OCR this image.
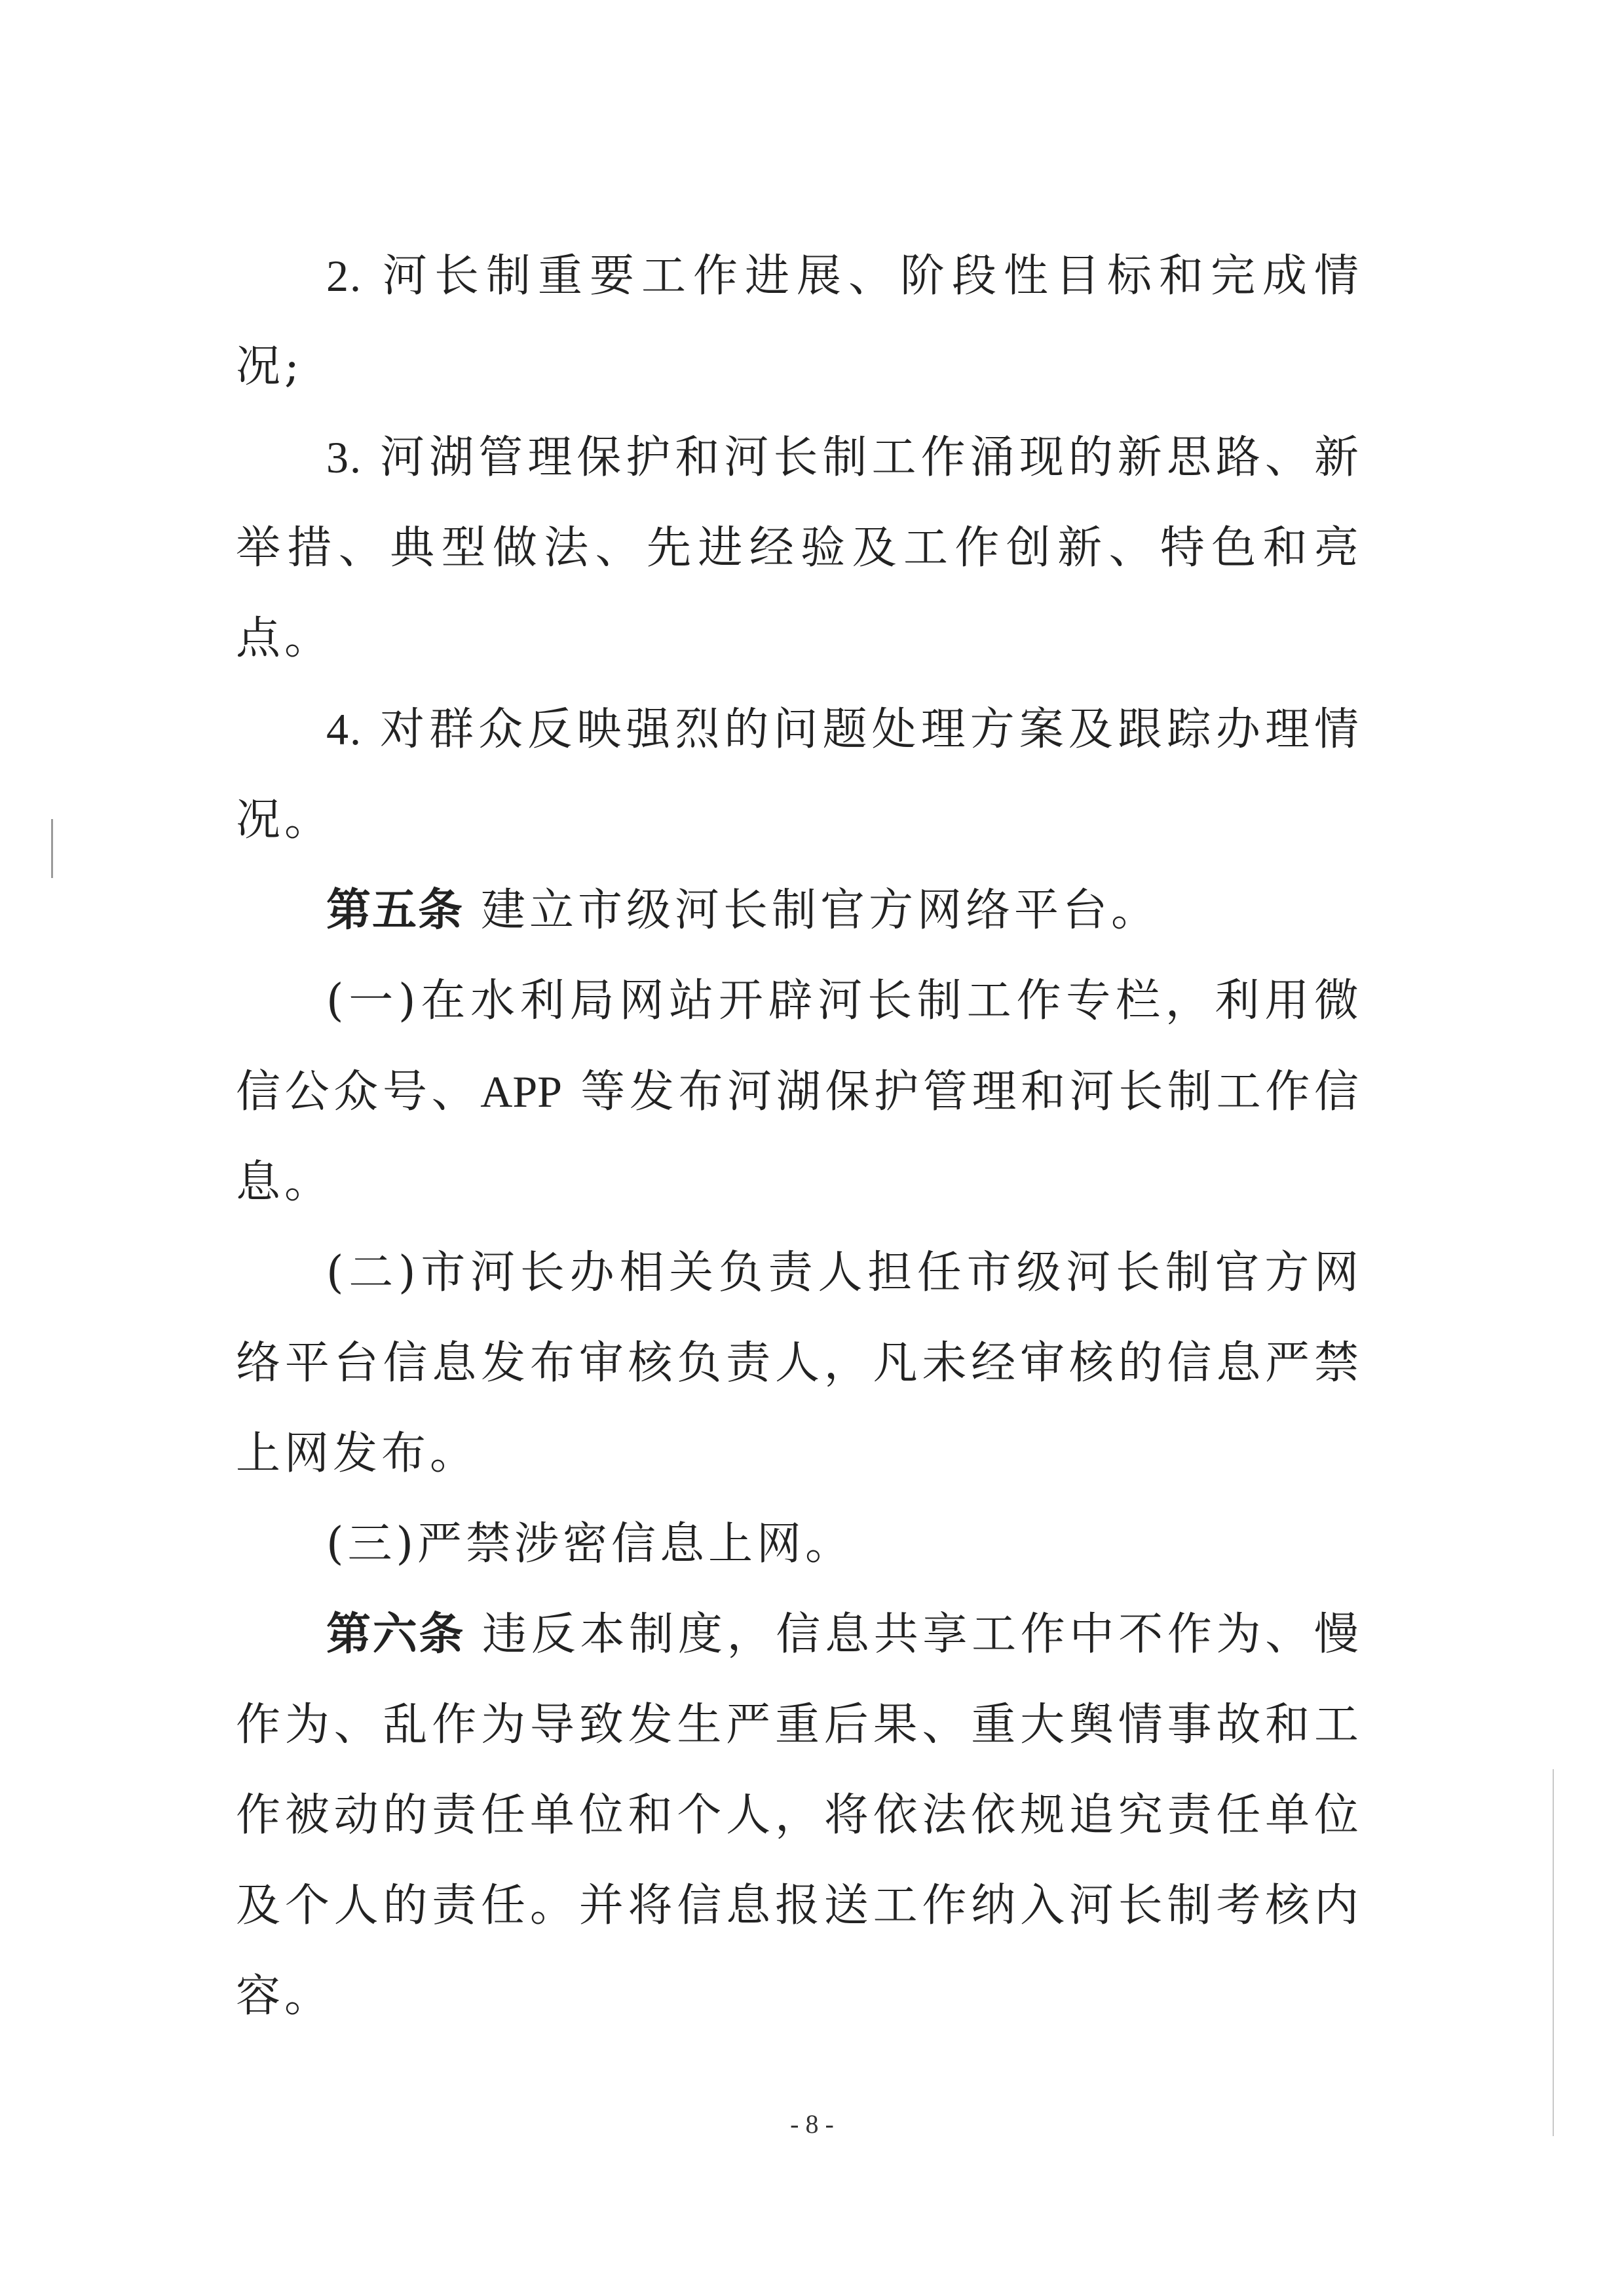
2. 河长制重要工作进展、阶段性目标和完成情况;

3. 河湖管理保护和河长制工作涌现的新思路、新举措、典型做法、先进经验及工作创新、特色和亮点。

4. 对群众反映强烈的问题处理方案及跟踪办理情况。

第五条 建立市级河长制官方网络平台。

(一)在水利局网站开辟河长制工作专栏，利用微信公众号、APP 等发布河湖保护管理和河长制工作信息。

(二)市河长办相关负责人担任市级河长制官方网络平台信息发布审核负责人，凡未经审核的信息严禁上网发布。

(三)严禁涉密信息上网。

第六条 违反本制度，信息共享工作中不作为、慢作为、乱作为导致发生严重后果、重大舆情事故和工作被动的责任单位和个人，将依法依规追究责任单位及个人的责任。并将信息报送工作纳入河长制考核内容。

- 8 -
